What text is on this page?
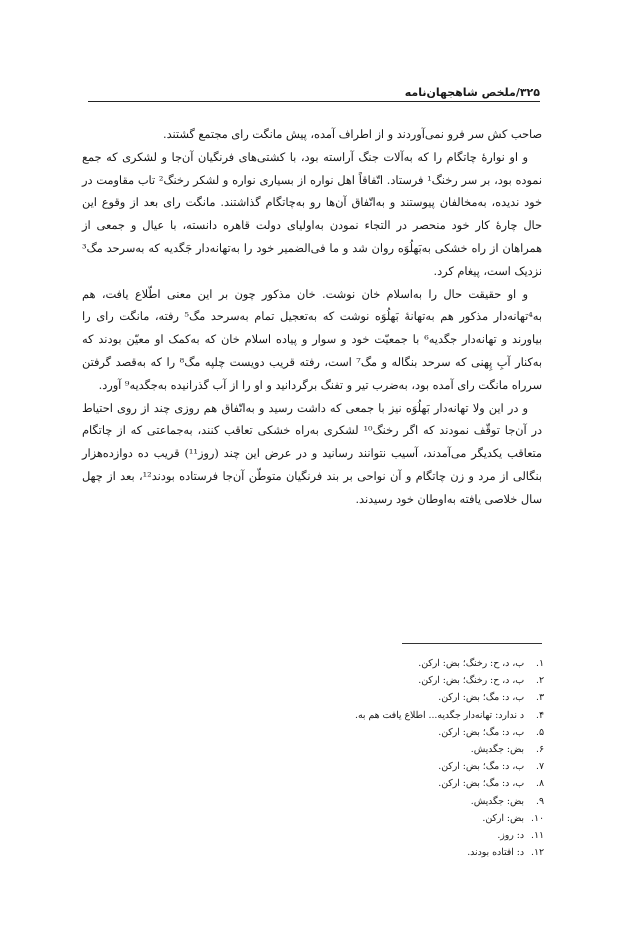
۳۲۵/ملخص شاهجهان‌نامه

صاحب کش سر فرو نمی‌آوردند و از اطراف آمده، پیش مانگت رای مجتمع گشتند.

و او نوارهٔ چاتگام را که به‌آلات جنگ آراسته بود، با کشتی‌های فرنگیان آن‌جا و لشکری که جمع نموده بود، بر سر رخنگ¹ فرستاد. اتّفاقاً اهل نواره از بسیاری نواره و لشکر رخنگ² تاب مقاومت در خود ندیده، به‌مخالفان پیوستند و به‌اتّفاق آن‌ها رو به‌چاتگام گذاشتند. مانگت رای بعد از وقوع این حال چارهٔ کار خود منحصر در التجاء نمودن به‌اولیای دولت قاهره دانسته، با عیال و جمعی از همراهان از راه خشکی به‌بَهلُوَه روان شد و ما فی‌الضمیر خود را به‌تهانه‌دار جَگدیه که به‌سرحد مگ³ نزدیک است، پیغام کرد.

و او حقیقت حال را به‌اسلام خان نوشت. خان مذکور چون بر این معنی اطّلاع یافت، هم به‌⁴تهانه‌دار مذکور هم به‌تهانهٔ بَهلُوَه نوشت که به‌تعجیل تمام به‌سرحد مگ⁵ رفته، مانگت رای را بیاورند و تهانه‌دار جگدیه⁶ با جمعیّت خود و سوار و پیاده اسلام خان که به‌کمک او معیّن بودند که به‌کنار آبِ پِهنی که سرحد بنگاله و مگ⁷ است، رفته قریب دویست چلپه مگ⁸ را که به‌قصد گرفتن سرراه مانگت رای آمده بود، به‌ضرب تیر و تفنگ برگردانید و او را از آب گذرانیده به‌جگدیه⁹ آورد.

و در این ولا تهانه‌دار بَهلُوَه نیز با جمعی که داشت رسید و به‌اتّفاق هم روزی چند از روی احتیاط در آن‌جا توقّف نمودند که اگر رخنگ¹⁰ لشکری به‌راه خشکی تعاقب کنند، به‌جماعتی که از چاتگام متعاقب یکدیگر می‌آمدند، آسیب نتوانند رسانید و در عرض این چند (روز¹¹) قریب ده دوازده‌هزار بنگالی از مرد و زن چاتگام و آن نواحی بر بند فرنگیان متوطّن آن‌جا فرستاده بودند¹²، بعد از چهل سال خلاصی یافته به‌اوطان خود رسیدند.

۱.ب، د، ح: رخنگ؛ بض: ارکن.
۲.ب، د، ح: رخنگ؛ بض: ارکن.
۳.ب، د: مگ؛ بض: ارکن.
۴.د ندارد: تهانه‌دار جگدیه... اطلاع یافت هم به.
۵.ب، د: مگ؛ بض: ارکن.
۶.بض: جگدیش.
۷.ب، د: مگ؛ بض: ارکن.
۸.ب، د: مگ؛ بض: ارکن.
۹.بض: جگدیش.
۱۰.بض: ارکن.
۱۱.د: روز.
۱۲.د: افتاده بودند.
